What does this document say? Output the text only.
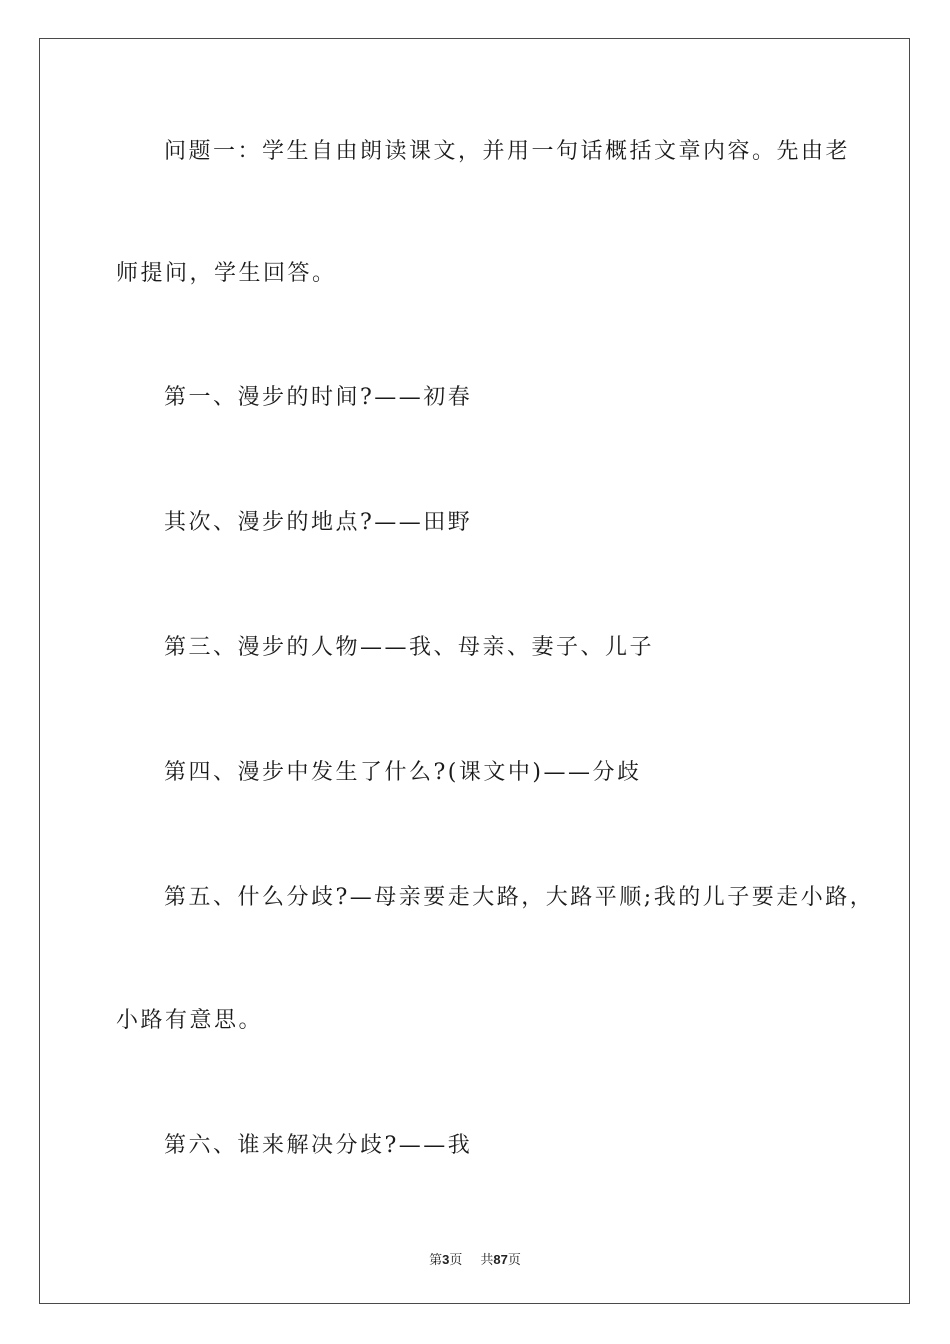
问题一：学生自由朗读课文，并用一句话概括文章内容。先由老
师提问，学生回答。
第一、漫步的时间?——初春
其次、漫步的地点?——田野
第三、漫步的人物——我、母亲、妻子、儿子
第四、漫步中发生了什么?(课文中)——分歧
第五、什么分歧?—母亲要走大路，大路平顺;我的儿子要走小路，
小路有意思。
第六、谁来解决分歧?——我
第3页 共87页
